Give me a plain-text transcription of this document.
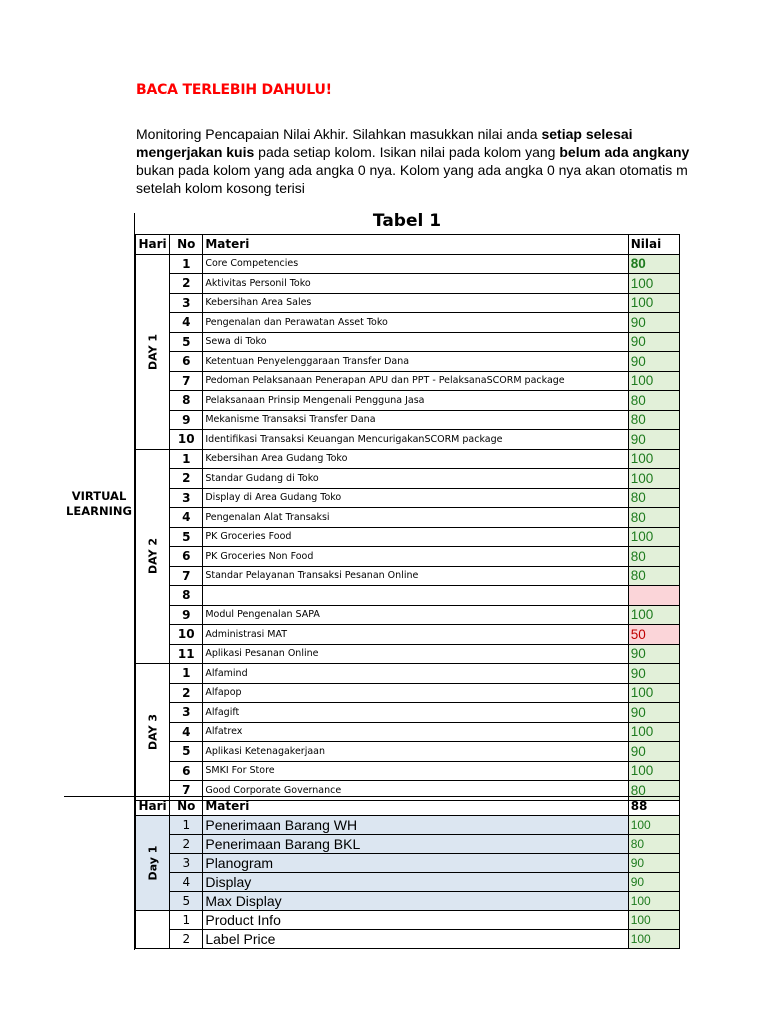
BACA TERLEBIH DAHULU!
Monitoring Pencapaian Nilai Akhir. Silahkan masukkan nilai anda setiap selesai
mengerjakan kuis pada setiap kolom. Isikan nilai pada kolom yang belum ada angkany
bukan pada kolom yang ada angka 0 nya. Kolom yang ada angka 0 nya akan otomatis m
setelah kolom kosong terisi
VIRTUAL
LEARNING
Tabel 1
Hari	No	Materi	Nilai

DAY 1	1	Core Competencies	80
	2	Aktivitas Personil Toko	100
	3	Kebersihan Area Sales	100
	4	Pengenalan dan Perawatan Asset Toko	90
	5	Sewa di Toko	90
	6	Ketentuan Penyelenggaraan Transfer Dana	90
	7	Pedoman Pelaksanaan Penerapan APU dan PPT - PelaksanaSCORM package	100
	8	Pelaksanaan Prinsip Mengenali Pengguna Jasa	80
	9	Mekanisme Transaksi Transfer Dana	80
	10	Identifikasi Transaksi Keuangan MencurigakanSCORM package	90

DAY 2	1	Kebersihan Area Gudang Toko	100
	2	Standar Gudang di Toko	100
	3	Display di Area Gudang Toko	80
	4	Pengenalan Alat Transaksi	80
	5	PK Groceries Food	100
	6	PK Groceries Non Food	80
	7	Standar Pelayanan Transaksi Pesanan Online	80
	8		
	9	Modul Pengenalan SAPA	100
	10	Administrasi MAT	50
	11	Aplikasi Pesanan Online	90

DAY 3	1	Alfamind	90
	2	Alfapop	100
	3	Alfagift	90
	4	Alfatrex	100
	5	Aplikasi Ketenagakerjaan	90
	6	SMKI For Store	100
	7	Good Corporate Governance	80
Hari	No	Materi	88

Day 1	1	Penerimaan Barang WH	100
	2	Penerimaan Barang BKL	80
	3	Planogram	90
	4	Display	90
	5	Max Display	100

	1	Product Info	100
	2	Label Price	100
